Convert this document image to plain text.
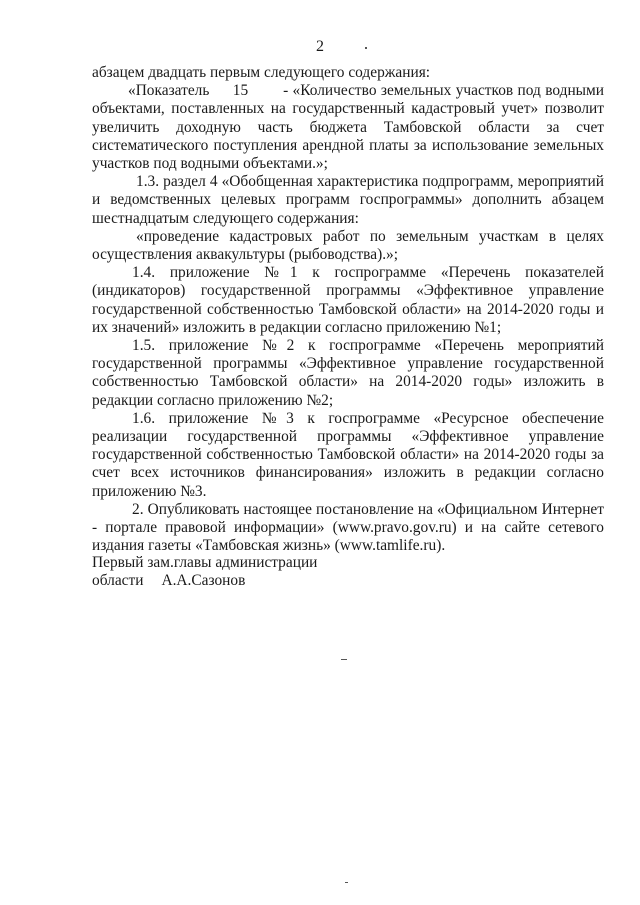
2

абзацем двадцать первым следующего содержания:

«Показатель 15 - «Количество земельных участков под водными объектами, поставленных на государственный кадастровый учет» позволит увеличить доходную часть бюджета Тамбовской области за счет систематического поступления арендной платы за использование земельных участков под водными объектами.»;

1.3. раздел 4 «Обобщенная характеристика подпрограмм, мероприятий и ведомственных целевых программ госпрограммы» дополнить абзацем шестнадцатым следующего содержания:

«проведение кадастровых работ по земельным участкам в целях осуществления аквакультуры (рыбоводства).»;

1.4. приложение №1 к госпрограмме «Перечень показателей (индикаторов) государственной программы «Эффективное управление государственной собственностью Тамбовской области» на 2014-2020 годы и их значений» изложить в редакции согласно приложению №1;

1.5. приложение №2 к госпрограмме «Перечень мероприятий государственной программы «Эффективное управление государственной собственностью Тамбовской области» на 2014-2020 годы» изложить в редакции согласно приложению №2;

1.6. приложение №3 к госпрограмме «Ресурсное обеспечение реализации государственной программы «Эффективное управление государственной собственностью Тамбовской области» на 2014-2020 годы за счет всех источников финансирования» изложить в редакции согласно приложению №3.

2. Опубликовать настоящее постановление на «Официальном Интернет - портале правовой информации» (www.pravo.gov.ru) и на сайте сетевого издания газеты «Тамбовская жизнь» (www.tamlife.ru).

Первый зам.главы администрации
области А.А.Сазонов
